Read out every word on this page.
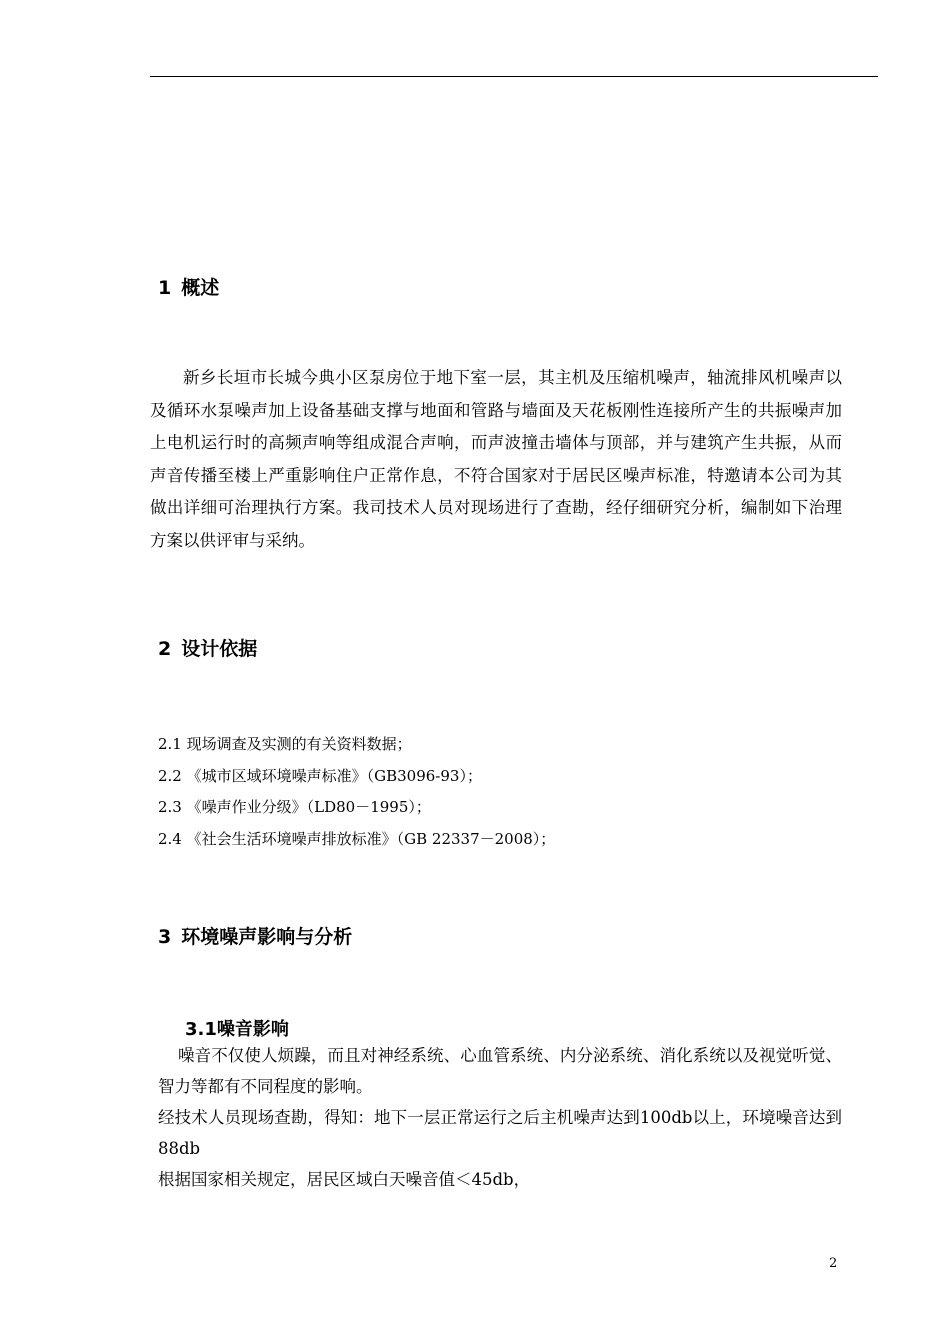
1 概述

新乡长垣市长城今典小区泵房位于地下室一层，其主机及压缩机噪声，轴流排风机噪声以及循环水泵噪声加上设备基础支撑与地面和管路与墙面及天花板刚性连接所产生的共振噪声加上电机运行时的高频声响等组成混合声响，而声波撞击墙体与顶部，并与建筑产生共振，从而声音传播至楼上严重影响住户正常作息，不符合国家对于居民区噪声标准，特邀请本公司为其做出详细可治理执行方案。我司技术人员对现场进行了查勘，经仔细研究分析，编制如下治理方案以供评审与采纳。

2 设计依据
2.1 现场调查及实测的有关资料数据；
2.2 《城市区域环境噪声标准》（GB3096-93）；
2.3 《噪声作业分级》（LD80－1995）；
2.4 《社会生活环境噪声排放标准》（GB 22337－2008）；
3 环境噪声影响与分析
3.1噪音影响

噪音不仅使人烦躁，而且对神经系统、心血管系统、内分泌系统、消化系统以及视觉听觉、智力等都有不同程度的影响。

经技术人员现场查勘，得知：地下一层正常运行之后主机噪声达到100db以上，环境噪音达到88db

根据国家相关规定，居民区域白天噪音值＜45db，

2
